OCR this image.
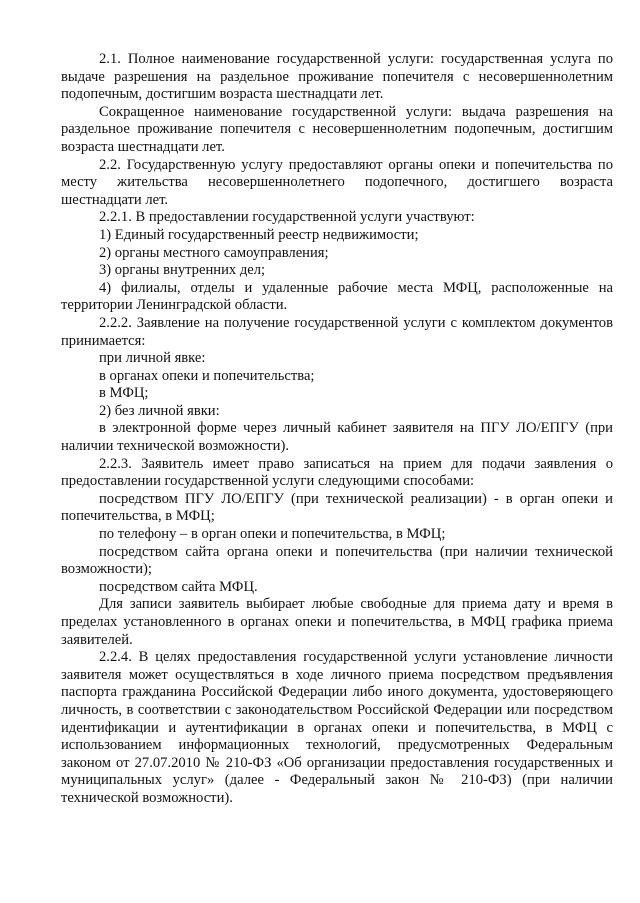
2.1. Полное наименование государственной услуги: государственная услуга по выдаче разрешения на раздельное проживание попечителя с несовершеннолетним подопечным, достигшим возраста шестнадцати лет.

Сокращенное наименование государственной услуги: выдача разрешения на раздельное проживание попечителя с несовершеннолетним подопечным, достигшим возраста шестнадцати лет.

2.2. Государственную услугу предоставляют органы опеки и попечительства по месту жительства несовершеннолетнего подопечного, достигшего возраста шестнадцати лет.

2.2.1. В предоставлении государственной услуги участвуют:

1) Единый государственный реестр недвижимости;

2) органы местного самоуправления;

3) органы внутренних дел;

4) филиалы, отделы и удаленные рабочие места МФЦ, расположенные на территории Ленинградской области.

2.2.2. Заявление на получение государственной услуги с комплектом документов принимается:

при личной явке:

в органах опеки и попечительства;

в МФЦ;

2) без личной явки:

в электронной форме через личный кабинет заявителя на ПГУ ЛО/ЕПГУ (при наличии технической возможности).

2.2.3. Заявитель имеет право записаться на прием для подачи заявления о предоставлении государственной услуги следующими способами:

посредством ПГУ ЛО/ЕПГУ (при технической реализации) - в орган опеки и попечительства, в МФЦ;

по телефону – в орган опеки и попечительства, в МФЦ;

посредством сайта органа опеки и попечительства (при наличии технической возможности);

посредством сайта МФЦ.

Для записи заявитель выбирает любые свободные для приема дату и время в пределах установленного в органах опеки и попечительства, в МФЦ графика приема заявителей.

2.2.4. В целях предоставления государственной услуги установление личности заявителя может осуществляться в ходе личного приема посредством предъявления паспорта гражданина Российской Федерации либо иного документа, удостоверяющего личность, в соответствии с законодательством Российской Федерации или посредством идентификации и аутентификации в органах опеки и попечительства, в МФЦ с использованием информационных технологий, предусмотренных Федеральным законом от 27.07.2010 № 210-ФЗ «Об организации предоставления государственных и муниципальных услуг» (далее - Федеральный закон № 210-ФЗ) (при наличии технической возможности).
